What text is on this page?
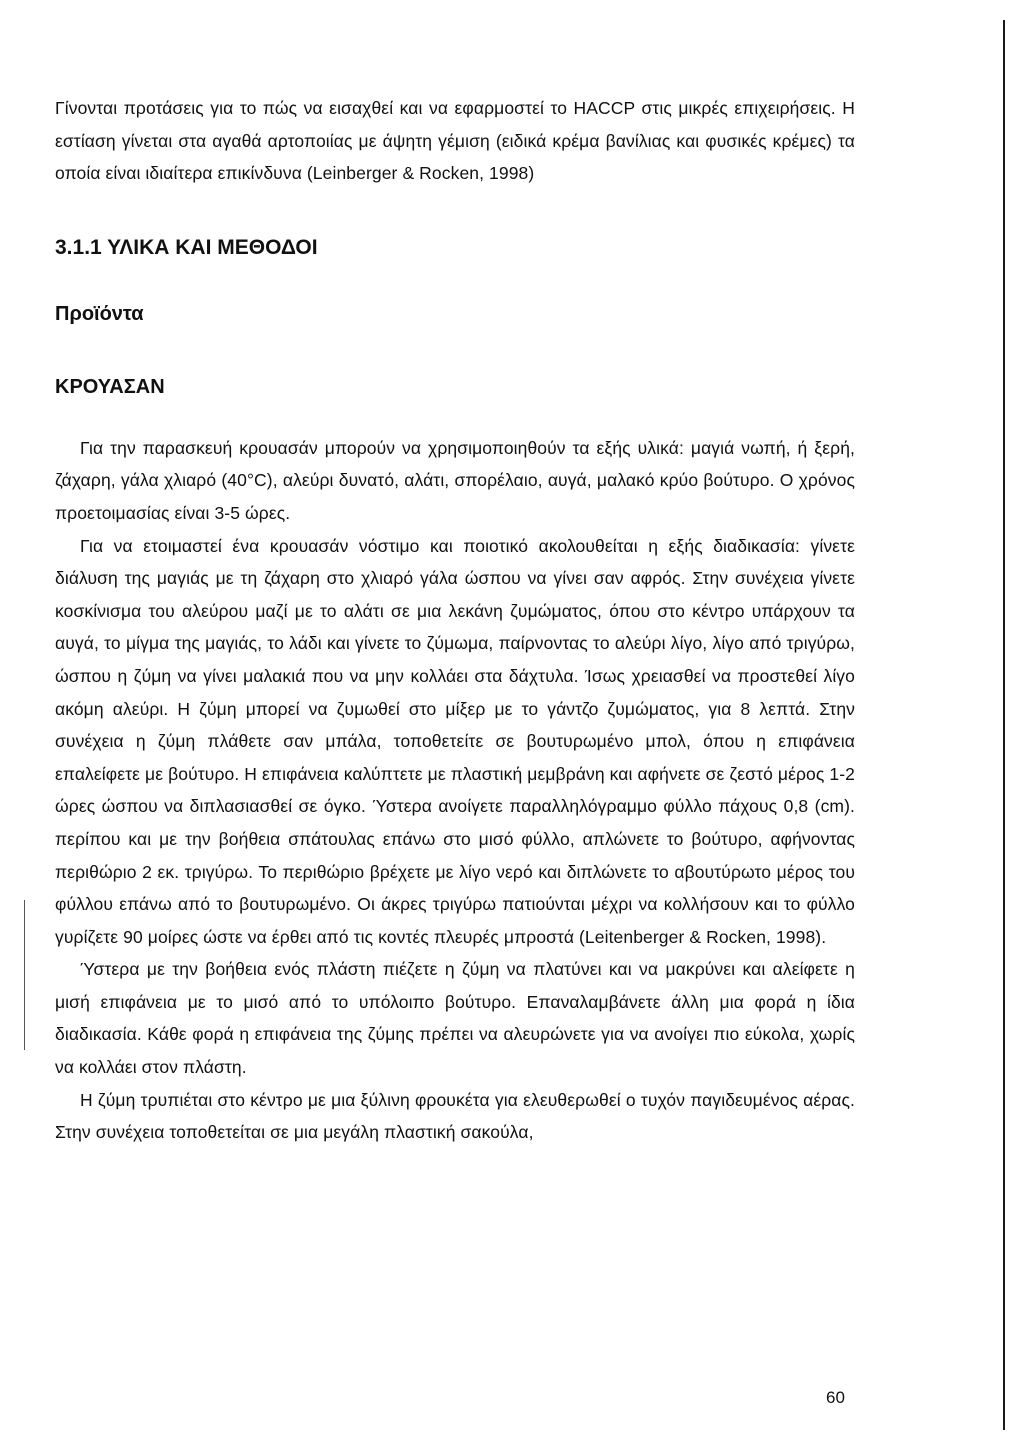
Γίνονται προτάσεις για το πώς να εισαχθεί και να εφαρμοστεί το HACCP στις μικρές επιχειρήσεις. Η εστίαση γίνεται στα αγαθά αρτοποιίας με άψητη γέμιση (ειδικά κρέμα βανίλιας και φυσικές κρέμες) τα οποία είναι ιδιαίτερα επικίνδυνα (Leinberger & Rocken, 1998)

3.1.1 ΥΛΙΚΑ ΚΑΙ ΜΕΘΟΔΟΙ
Προϊόντα
ΚΡΟΥΑΣΑΝ

Για την παρασκευή κρουασάν μπορούν να χρησιμοποιηθούν τα εξής υλικά: μαγιά νωπή, ή ξερή, ζάχαρη, γάλα χλιαρό (40°C), αλεύρι δυνατό, αλάτι, σπορέλαιο, αυγά, μαλακό κρύο βούτυρο. Ο χρόνος προετοιμασίας είναι 3-5 ώρες.

Για να ετοιμαστεί ένα κρουασάν νόστιμο και ποιοτικό ακολουθείται η εξής διαδικασία: γίνετε διάλυση της μαγιάς με τη ζάχαρη στο χλιαρό γάλα ώσπου να γίνει σαν αφρός. Στην συνέχεια γίνετε κοσκίνισμα του αλεύρου μαζί με το αλάτι σε μια λεκάνη ζυμώματος, όπου στο κέντρο υπάρχουν τα αυγά, το μίγμα της μαγιάς, το λάδι και γίνετε το ζύμωμα, παίρνοντας το αλεύρι λίγο, λίγο από τριγύρω, ώσπου η ζύμη να γίνει μαλακιά που να μην κολλάει στα δάχτυλα. Ίσως χρειασθεί να προστεθεί λίγο ακόμη αλεύρι. Η ζύμη μπορεί να ζυμωθεί στο μίξερ με το γάντζο ζυμώματος, για 8 λεπτά. Στην συνέχεια η ζύμη πλάθετε σαν μπάλα, τοποθετείτε σε βουτυρωμένο μπολ, όπου η επιφάνεια επαλείφετε με βούτυρο. Η επιφάνεια καλύπτετε με πλαστική μεμβράνη και αφήνετε σε ζεστό μέρος 1-2 ώρες ώσπου να διπλασιασθεί σε όγκο. Ύστερα ανοίγετε παραλληλόγραμμο φύλλο πάχους 0,8 (cm). περίπου και με την βοήθεια σπάτουλας επάνω στο μισό φύλλο, απλώνετε το βούτυρο, αφήνοντας περιθώριο 2 εκ. τριγύρω. Το περιθώριο βρέχετε με λίγο νερό και διπλώνετε το αβουτύρωτο μέρος του φύλλου επάνω από το βουτυρωμένο. Οι άκρες τριγύρω πατιούνται μέχρι να κολλήσουν και το φύλλο γυρίζετε 90 μοίρες ώστε να έρθει από τις κοντές πλευρές μπροστά (Leitenberger & Rocken, 1998).

Ύστερα με την βοήθεια ενός πλάστη πιέζετε η ζύμη να πλατύνει και να μακρύνει και αλείφετε η μισή επιφάνεια με το μισό από το υπόλοιπο βούτυρο. Επαναλαμβάνετε άλλη μια φορά η ίδια διαδικασία. Κάθε φορά η επιφάνεια της ζύμης πρέπει να αλευρώνετε για να ανοίγει πιο εύκολα, χωρίς να κολλάει στον πλάστη.

Η ζύμη τρυπιέται στο κέντρο με μια ξύλινη φρουκέτα για ελευθερωθεί ο τυχόν παγιδευμένος αέρας. Στην συνέχεια τοποθετείται σε μια μεγάλη πλαστική σακούλα,

60
